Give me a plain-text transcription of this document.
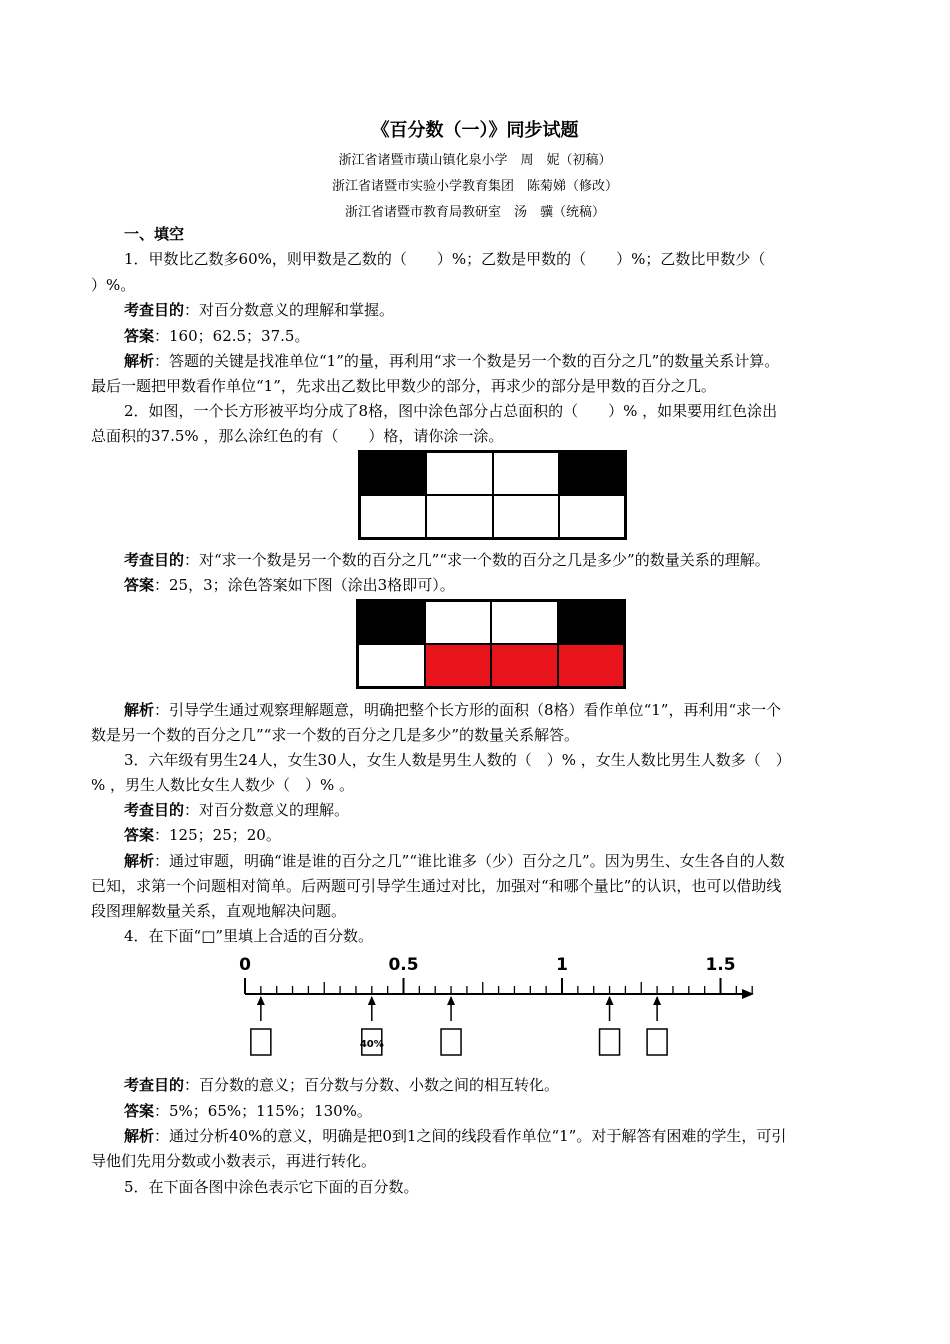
《百分数（一）》同步试题
浙江省诸暨市璜山镇化泉小学　周　妮（初稿）
浙江省诸暨市实验小学教育集团　陈菊娣（修改）
浙江省诸暨市教育局教研室　汤　骥（统稿）
一、填空
1．甲数比乙数多60%，则甲数是乙数的（　　）%；乙数是甲数的（　　）%；乙数比甲数少（
）%。
考查目的：对百分数意义的理解和掌握。
答案：160；62.5；37.5。
解析：答题的关键是找准单位“1”的量，再利用“求一个数是另一个数的百分之几”的数量关系计算。
最后一题把甲数看作单位“1”，先求出乙数比甲数少的部分，再求少的部分是甲数的百分之几。
2．如图，一个长方形被平均分成了8格，图中涂色部分占总面积的（　　）% ，如果要用红色涂出
总面积的37.5% ，那么涂红色的有（　　）格，请你涂一涂。
考查目的：对“求一个数是另一个数的百分之几”“求一个数的百分之几是多少”的数量关系的理解。
答案：25，3；涂色答案如下图（涂出3格即可）。
解析：引导学生通过观察理解题意，明确把整个长方形的面积（8格）看作单位“1”，再利用“求一个
数是另一个数的百分之几”“求一个数的百分之几是多少”的数量关系解答。
3．六年级有男生24人，女生30人，女生人数是男生人数的（　）% ，女生人数比男生人数多（　）
% ，男生人数比女生人数少（　）% 。
考查目的：对百分数意义的理解。
答案：125；25；20。
解析：通过审题，明确“谁是谁的百分之几”“谁比谁多（少）百分之几”。因为男生、女生各自的人数
已知，求第一个问题相对简单。后两题可引导学生通过对比，加强对“和哪个量比”的认识，也可以借助线
段图理解数量关系，直观地解决问题。
4．在下面“□”里填上合适的百分数。
0	0.5	1	1.5
40%
考查目的：百分数的意义；百分数与分数、小数之间的相互转化。
答案：5%；65%；115%；130%。
解析：通过分析40%的意义，明确是把0到1之间的线段看作单位“1”。对于解答有困难的学生，可引
导他们先用分数或小数表示，再进行转化。
5．在下面各图中涂色表示它下面的百分数。
